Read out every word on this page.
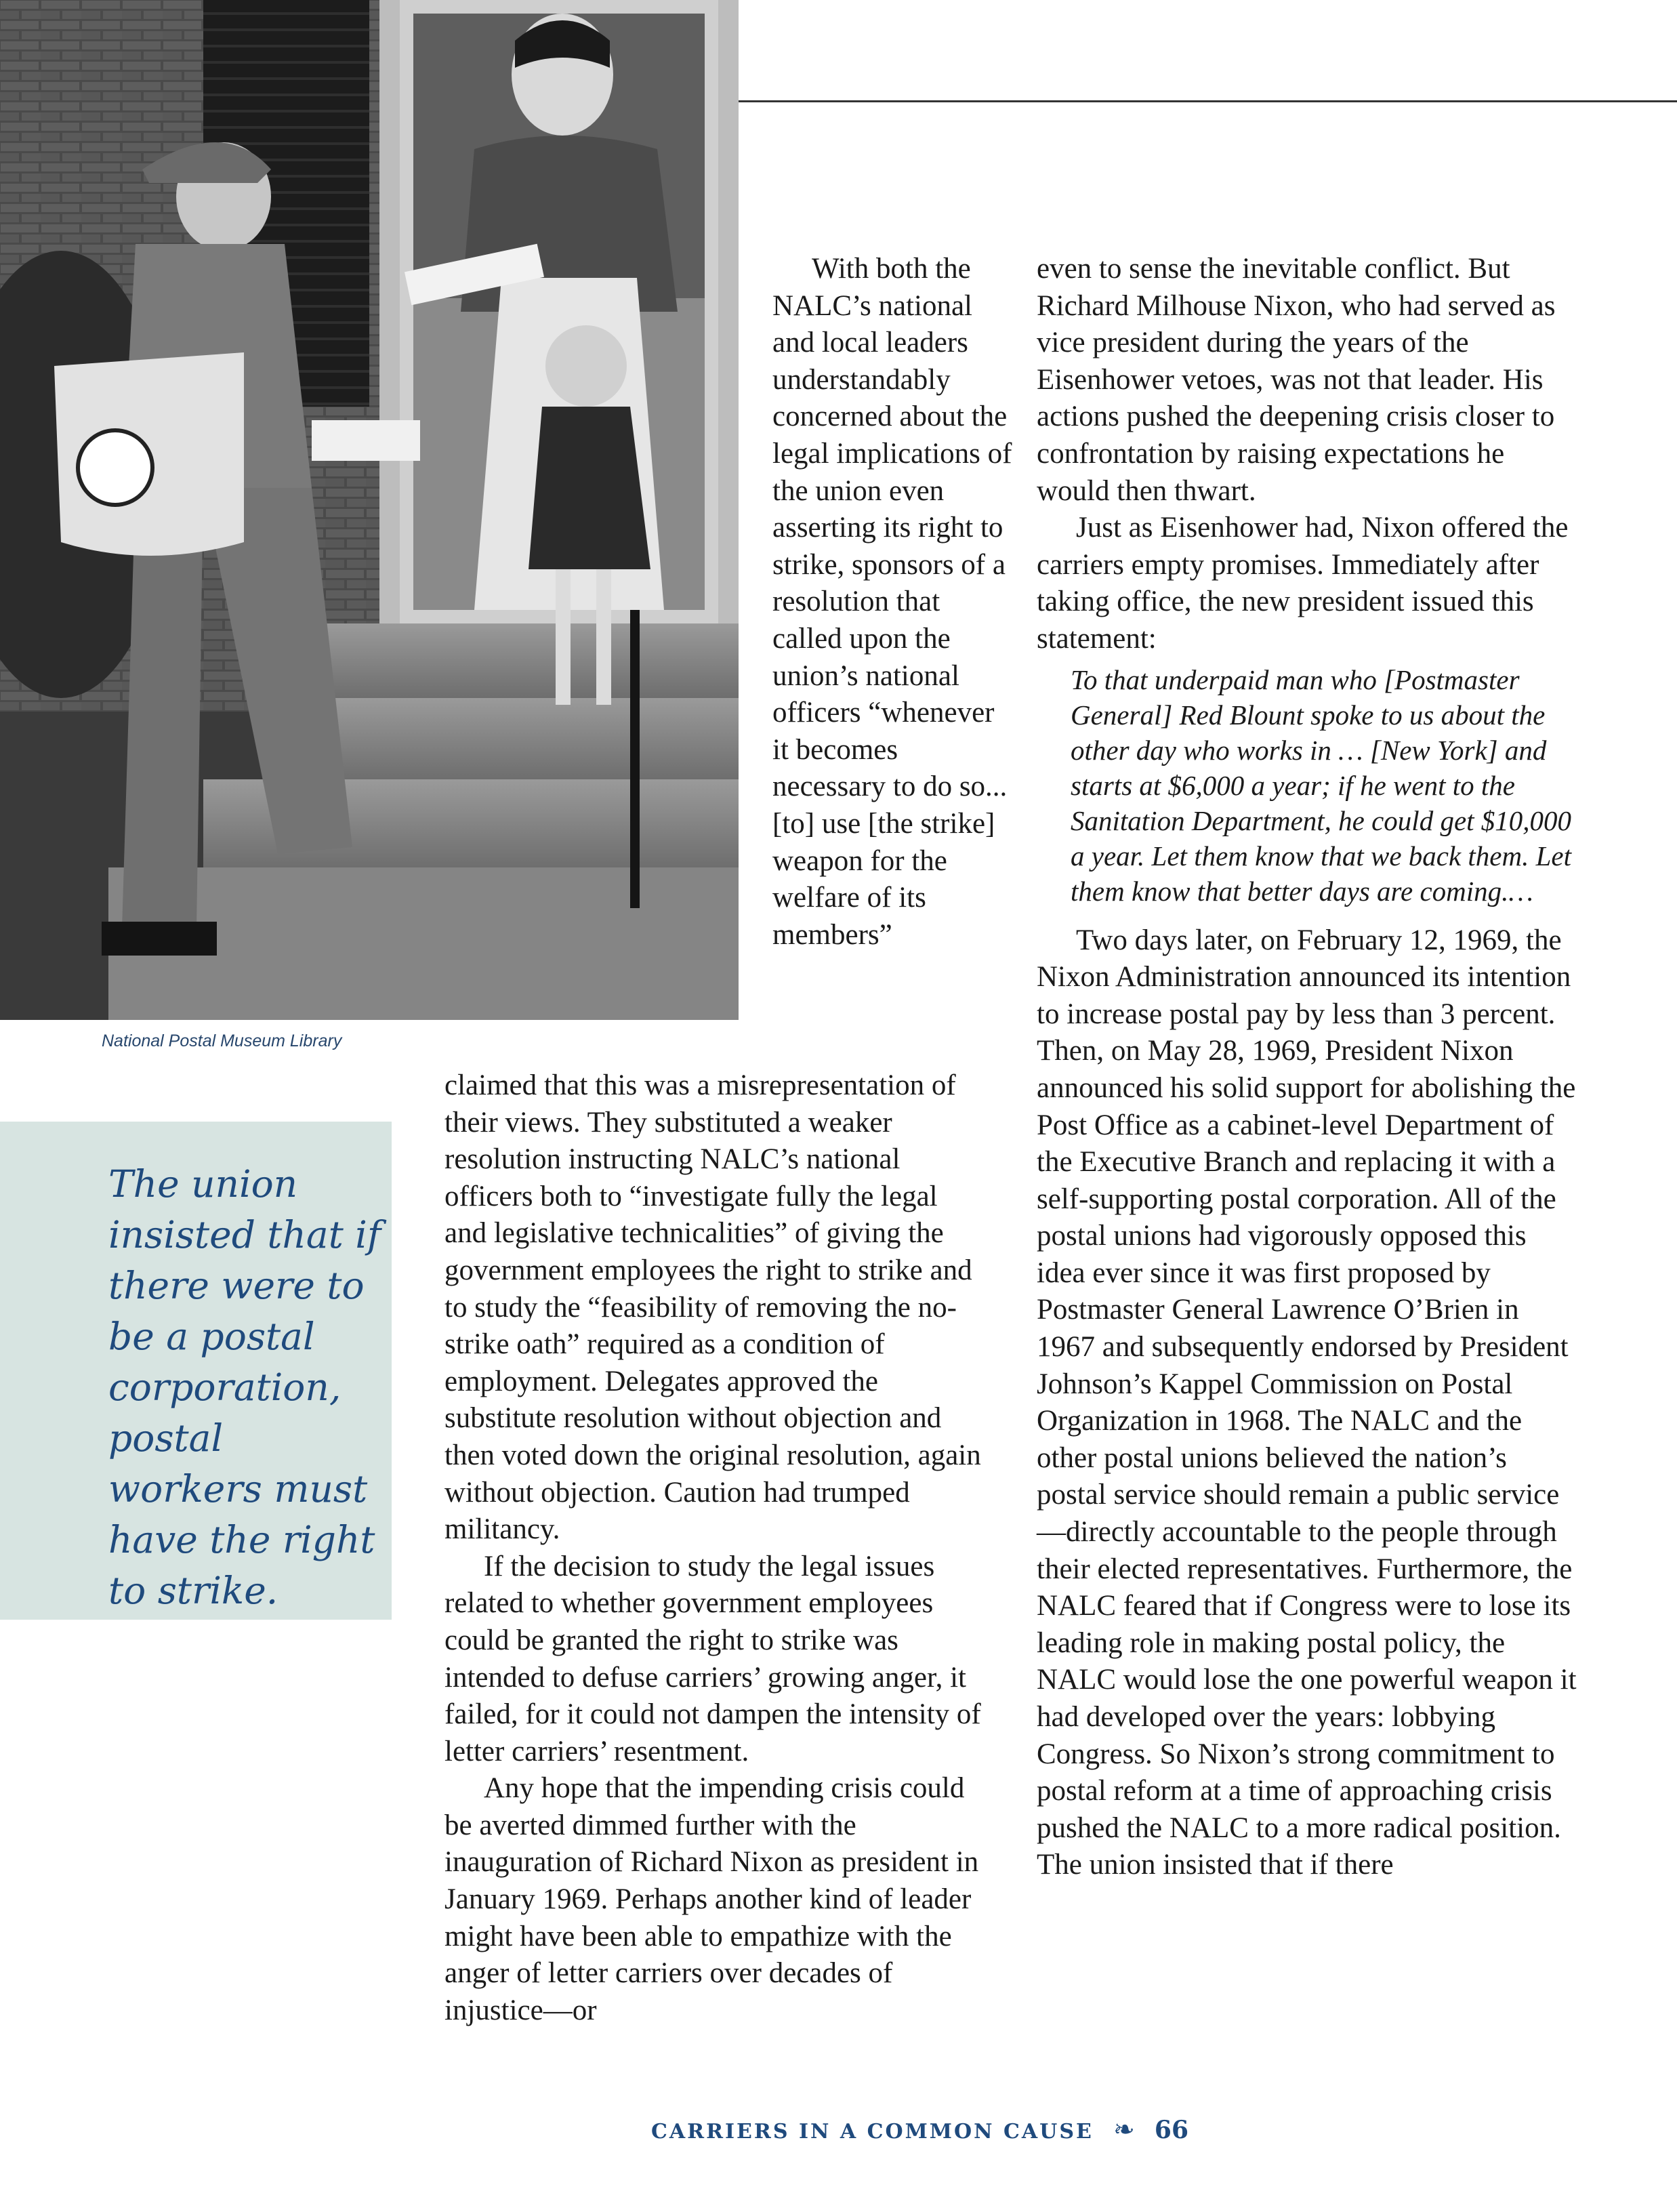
National Postal Museum Library

The union insisted that if there were to be a postal corporation, postal workers must have the right to strike.

With both the NALC’s national and local leaders understandably concerned about the legal implications of the union even asserting its right to strike, sponsors of a resolution that called upon the union’s national officers “whenever it becomes necessary to do so...[to] use [the strike] weapon for the welfare of its members”

claimed that this was a misrepresentation of their views. They substituted a weaker resolution instructing NALC’s national officers both to “investigate fully the legal and legislative technicalities” of giving the government employees the right to strike and to study the “feasibility of removing the no-strike oath” required as a condition of employment. Delegates approved the substitute resolution without objection and then voted down the original resolution, again without objection. Caution had trumped militancy.

If the decision to study the legal issues related to whether government employees could be granted the right to strike was intended to defuse carriers’ growing anger, it failed, for it could not dampen the intensity of letter carriers’ resentment.

Any hope that the impending crisis could be averted dimmed further with the inauguration of Richard Nixon as president in January 1969. Perhaps another kind of leader might have been able to empathize with the anger of letter carriers over decades of injustice—or

even to sense the inevitable conflict. But Richard Milhouse Nixon, who had served as vice president during the years of the Eisenhower vetoes, was not that leader. His actions pushed the deepening crisis closer to confrontation by raising expectations he would then thwart.

Just as Eisenhower had, Nixon offered the carriers empty promises. Immediately after taking office, the new president issued this statement:

To that underpaid man who [Postmaster General] Red Blount spoke to us about the other day who works in … [New York] and starts at $6,000 a year; if he went to the Sanitation Department, he could get $10,000 a year. Let them know that we back them. Let them know that better days are coming.…

Two days later, on February 12, 1969, the Nixon Administration announced its intention to increase postal pay by less than 3 percent. Then, on May 28, 1969, President Nixon announced his solid support for abolishing the Post Office as a cabinet-level Department of the Executive Branch and replacing it with a self-supporting postal corporation. All of the postal unions had vigorously opposed this idea ever since it was first proposed by Postmaster General Lawrence O’Brien in 1967 and subsequently endorsed by President Johnson’s Kappel Commission on Postal Organization in 1968. The NALC and the other postal unions believed the nation’s postal service should remain a public service—directly accountable to the people through their elected representatives. Furthermore, the NALC feared that if Congress were to lose its leading role in making postal policy, the NALC would lose the one powerful weapon it had developed over the years: lobbying Congress. So Nixon’s strong commitment to postal reform at a time of approaching crisis pushed the NALC to a more radical position. The union insisted that if there

CARRIERS IN A COMMON CAUSE ❧ 66
